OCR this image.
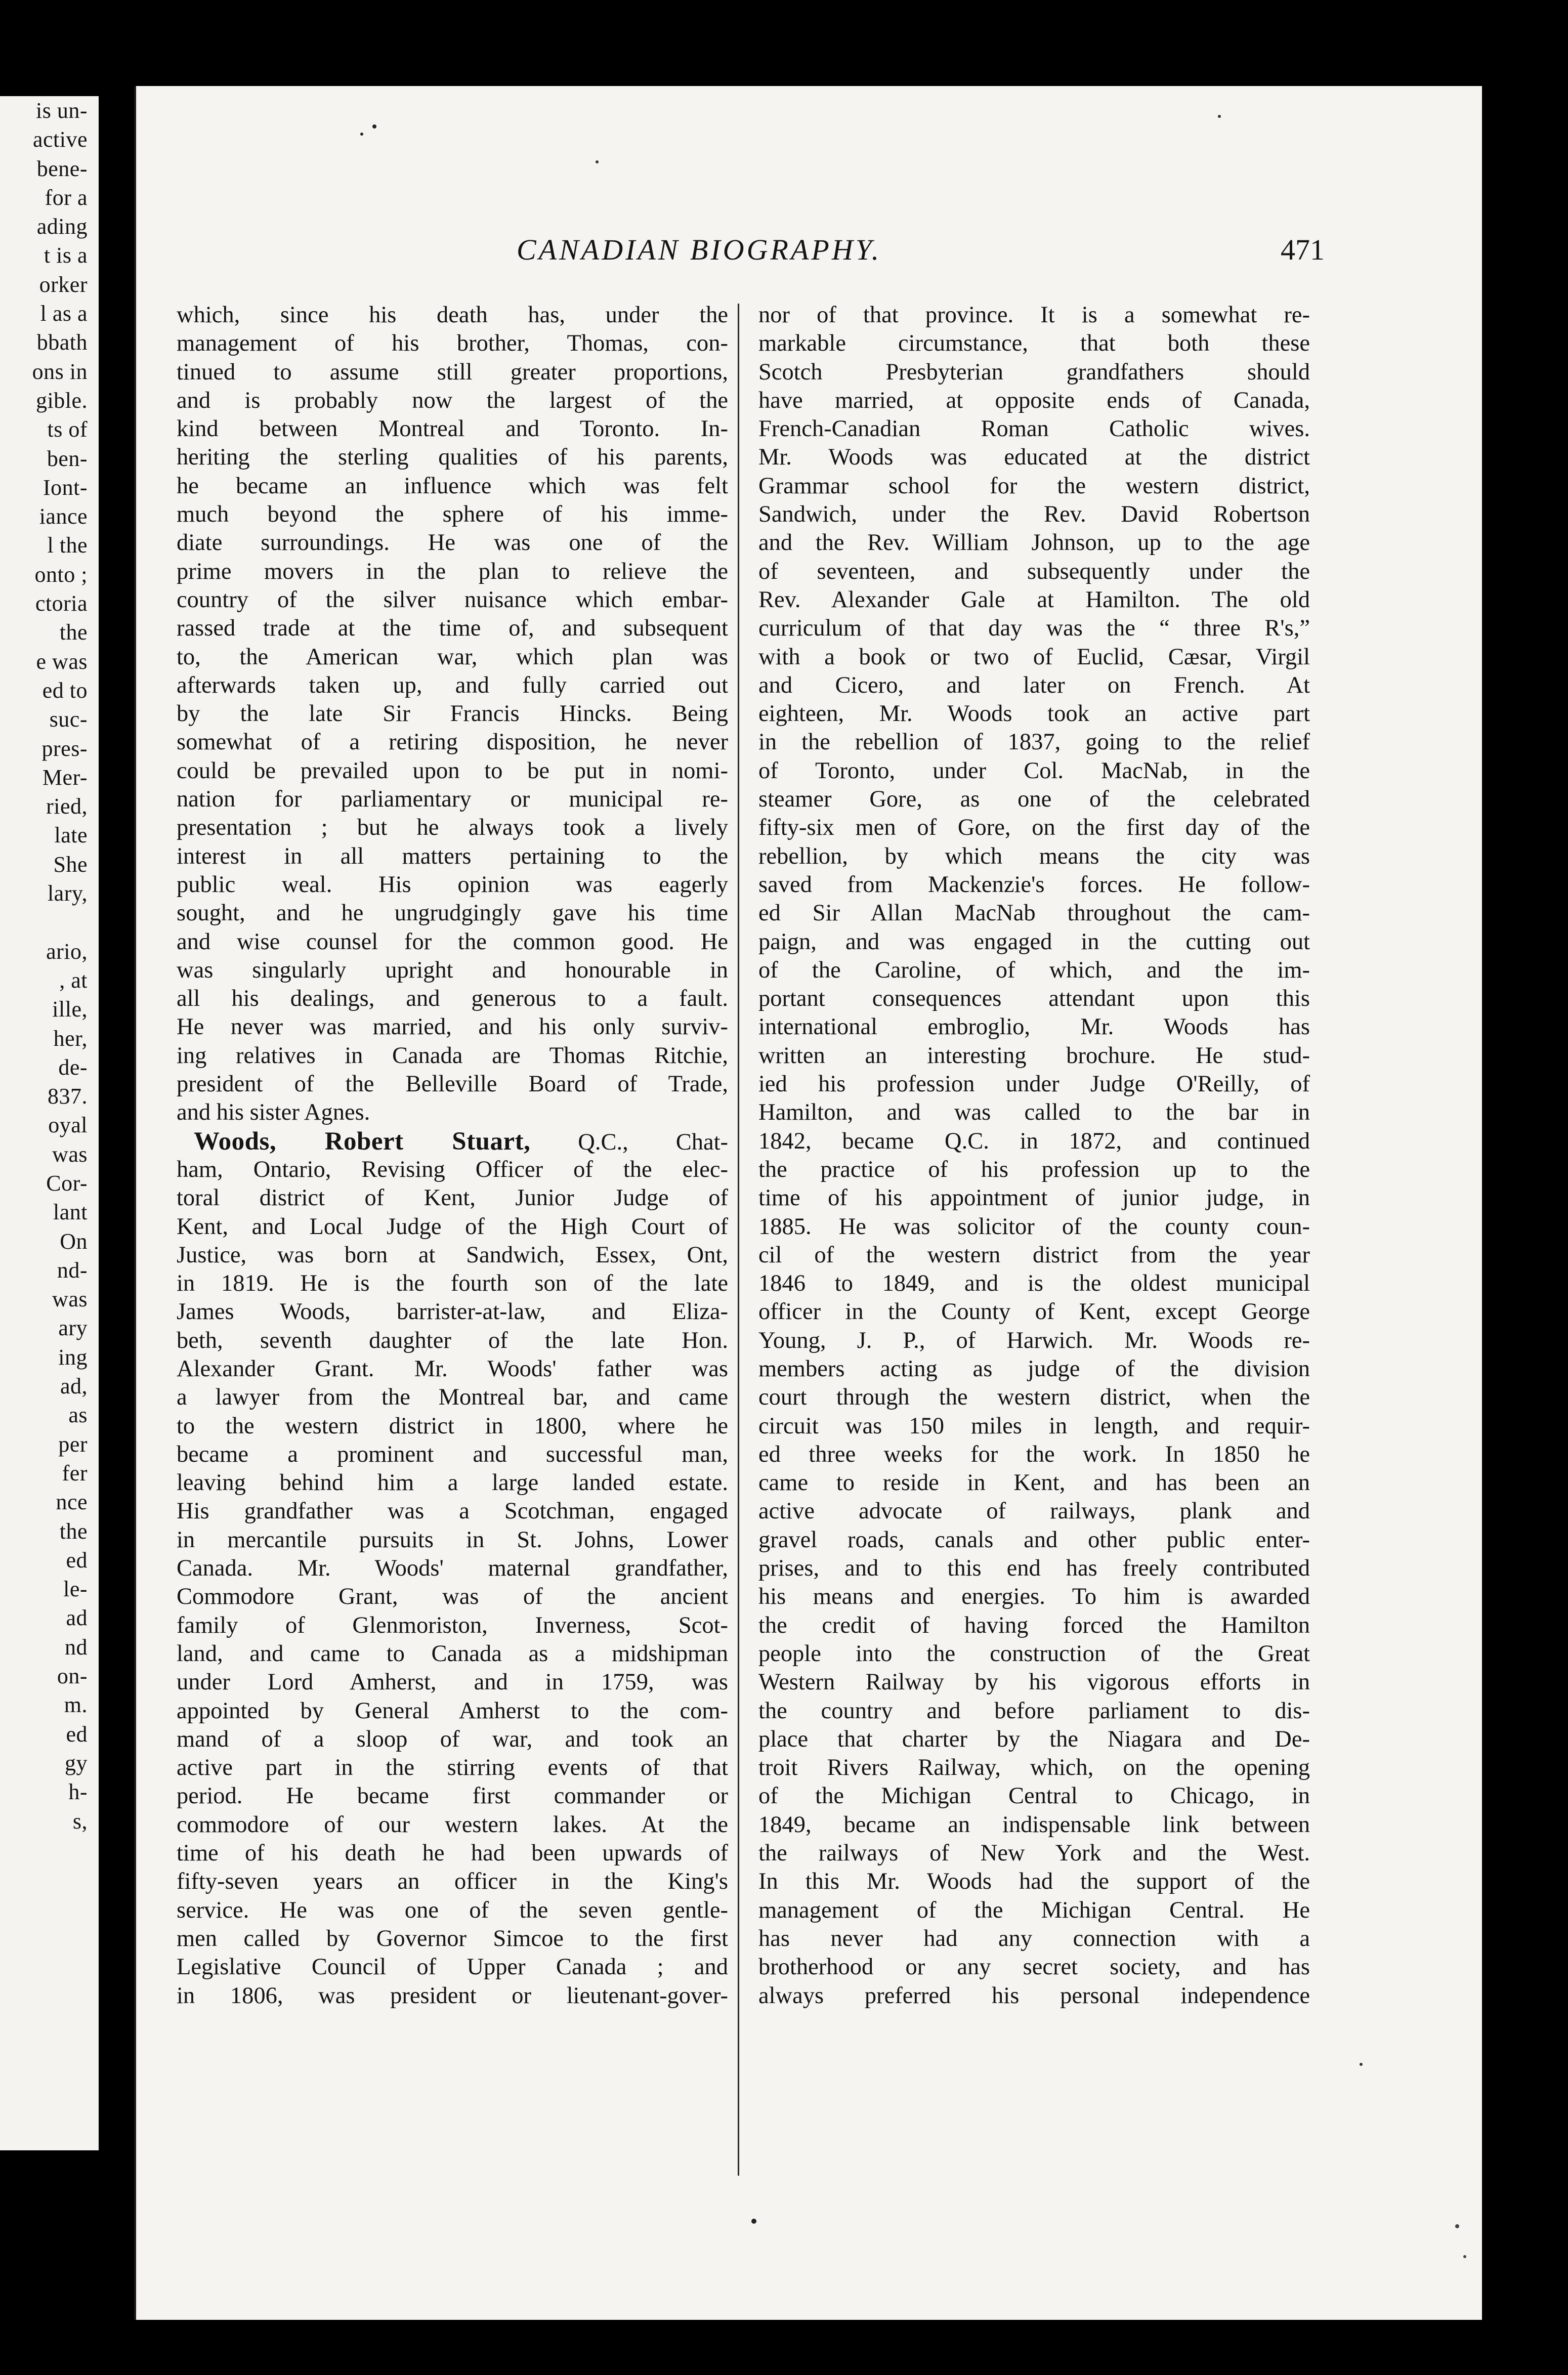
is un-
active
bene-
for a
ading
t is a
orker
l as a
bbath
ons in
gible.
ts of
ben-
Iont-
iance
l the
onto ;
ctoria
the
e was
ed to
suc-
pres-
Mer-
ried,
late
She
lary,
ario,
, at
ille,
her,
de-
837.
oyal
was
Cor-
lant
On
nd-
was
ary
ing
ad,
as
per
fer
nce
the
ed
le-
ad
nd
on-
m.
ed
gy
h-
s,
CANADIAN BIOGRAPHY.	471
which, since his death has, under the
management of his brother, Thomas, con-
tinued to assume still greater proportions,
and is probably now the largest of the
kind between Montreal and Toronto. In-
heriting the sterling qualities of his parents,
he became an influence which was felt
much beyond the sphere of his imme-
diate surroundings. He was one of the
prime movers in the plan to relieve the
country of the silver nuisance which embar-
rassed trade at the time of, and subsequent
to, the American war, which plan was
afterwards taken up, and fully carried out
by the late Sir Francis Hincks. Being
somewhat of a retiring disposition, he never
could be prevailed upon to be put in nomi-
nation for parliamentary or municipal re-
presentation ; but he always took a lively
interest in all matters pertaining to the
public weal. His opinion was eagerly
sought, and he ungrudgingly gave his time
and wise counsel for the common good. He
was singularly upright and honourable in
all his dealings, and generous to a fault.
He never was married, and his only surviv-
ing relatives in Canada are Thomas Ritchie,
president of the Belleville Board of Trade,
and his sister Agnes.
Woods, Robert Stuart, Q.C., Chat-
ham, Ontario, Revising Officer of the elec-
toral district of Kent, Junior Judge of
Kent, and Local Judge of the High Court of
Justice, was born at Sandwich, Essex, Ont,
in 1819. He is the fourth son of the late
James Woods, barrister-at-law, and Eliza-
beth, seventh daughter of the late Hon.
Alexander Grant. Mr. Woods' father was
a lawyer from the Montreal bar, and came
to the western district in 1800, where he
became a prominent and successful man,
leaving behind him a large landed estate.
His grandfather was a Scotchman, engaged
in mercantile pursuits in St. Johns, Lower
Canada. Mr. Woods' maternal grandfather,
Commodore Grant, was of the ancient
family of Glenmoriston, Inverness, Scot-
land, and came to Canada as a midshipman
under Lord Amherst, and in 1759, was
appointed by General Amherst to the com-
mand of a sloop of war, and took an
active part in the stirring events of that
period. He became first commander or
commodore of our western lakes. At the
time of his death he had been upwards of
fifty-seven years an officer in the King's
service. He was one of the seven gentle-
men called by Governor Simcoe to the first
Legislative Council of Upper Canada ; and
in 1806, was president or lieutenant-gover-
nor of that province. It is a somewhat re-
markable circumstance, that both these
Scotch Presbyterian grandfathers should
have married, at opposite ends of Canada,
French-Canadian Roman Catholic wives.
Mr. Woods was educated at the district
Grammar school for the western district,
Sandwich, under the Rev. David Robertson
and the Rev. William Johnson, up to the age
of seventeen, and subsequently under the
Rev. Alexander Gale at Hamilton. The old
curriculum of that day was the “ three R's,”
with a book or two of Euclid, Cæsar, Virgil
and Cicero, and later on French. At
eighteen, Mr. Woods took an active part
in the rebellion of 1837, going to the relief
of Toronto, under Col. MacNab, in the
steamer Gore, as one of the celebrated
fifty-six men of Gore, on the first day of the
rebellion, by which means the city was
saved from Mackenzie's forces. He follow-
ed Sir Allan MacNab throughout the cam-
paign, and was engaged in the cutting out
of the Caroline, of which, and the im-
portant consequences attendant upon this
international embroglio, Mr. Woods has
written an interesting brochure. He stud-
ied his profession under Judge O'Reilly, of
Hamilton, and was called to the bar in
1842, became Q.C. in 1872, and continued
the practice of his profession up to the
time of his appointment of junior judge, in
1885. He was solicitor of the county coun-
cil of the western district from the year
1846 to 1849, and is the oldest municipal
officer in the County of Kent, except George
Young, J. P., of Harwich. Mr. Woods re-
members acting as judge of the division
court through the western district, when the
circuit was 150 miles in length, and requir-
ed three weeks for the work. In 1850 he
came to reside in Kent, and has been an
active advocate of railways, plank and
gravel roads, canals and other public enter-
prises, and to this end has freely contributed
his means and energies. To him is awarded
the credit of having forced the Hamilton
people into the construction of the Great
Western Railway by his vigorous efforts in
the country and before parliament to dis-
place that charter by the Niagara and De-
troit Rivers Railway, which, on the opening
of the Michigan Central to Chicago, in
1849, became an indispensable link between
the railways of New York and the West.
In this Mr. Woods had the support of the
management of the Michigan Central. He
has never had any connection with a
brotherhood or any secret society, and has
always preferred his personal independence
